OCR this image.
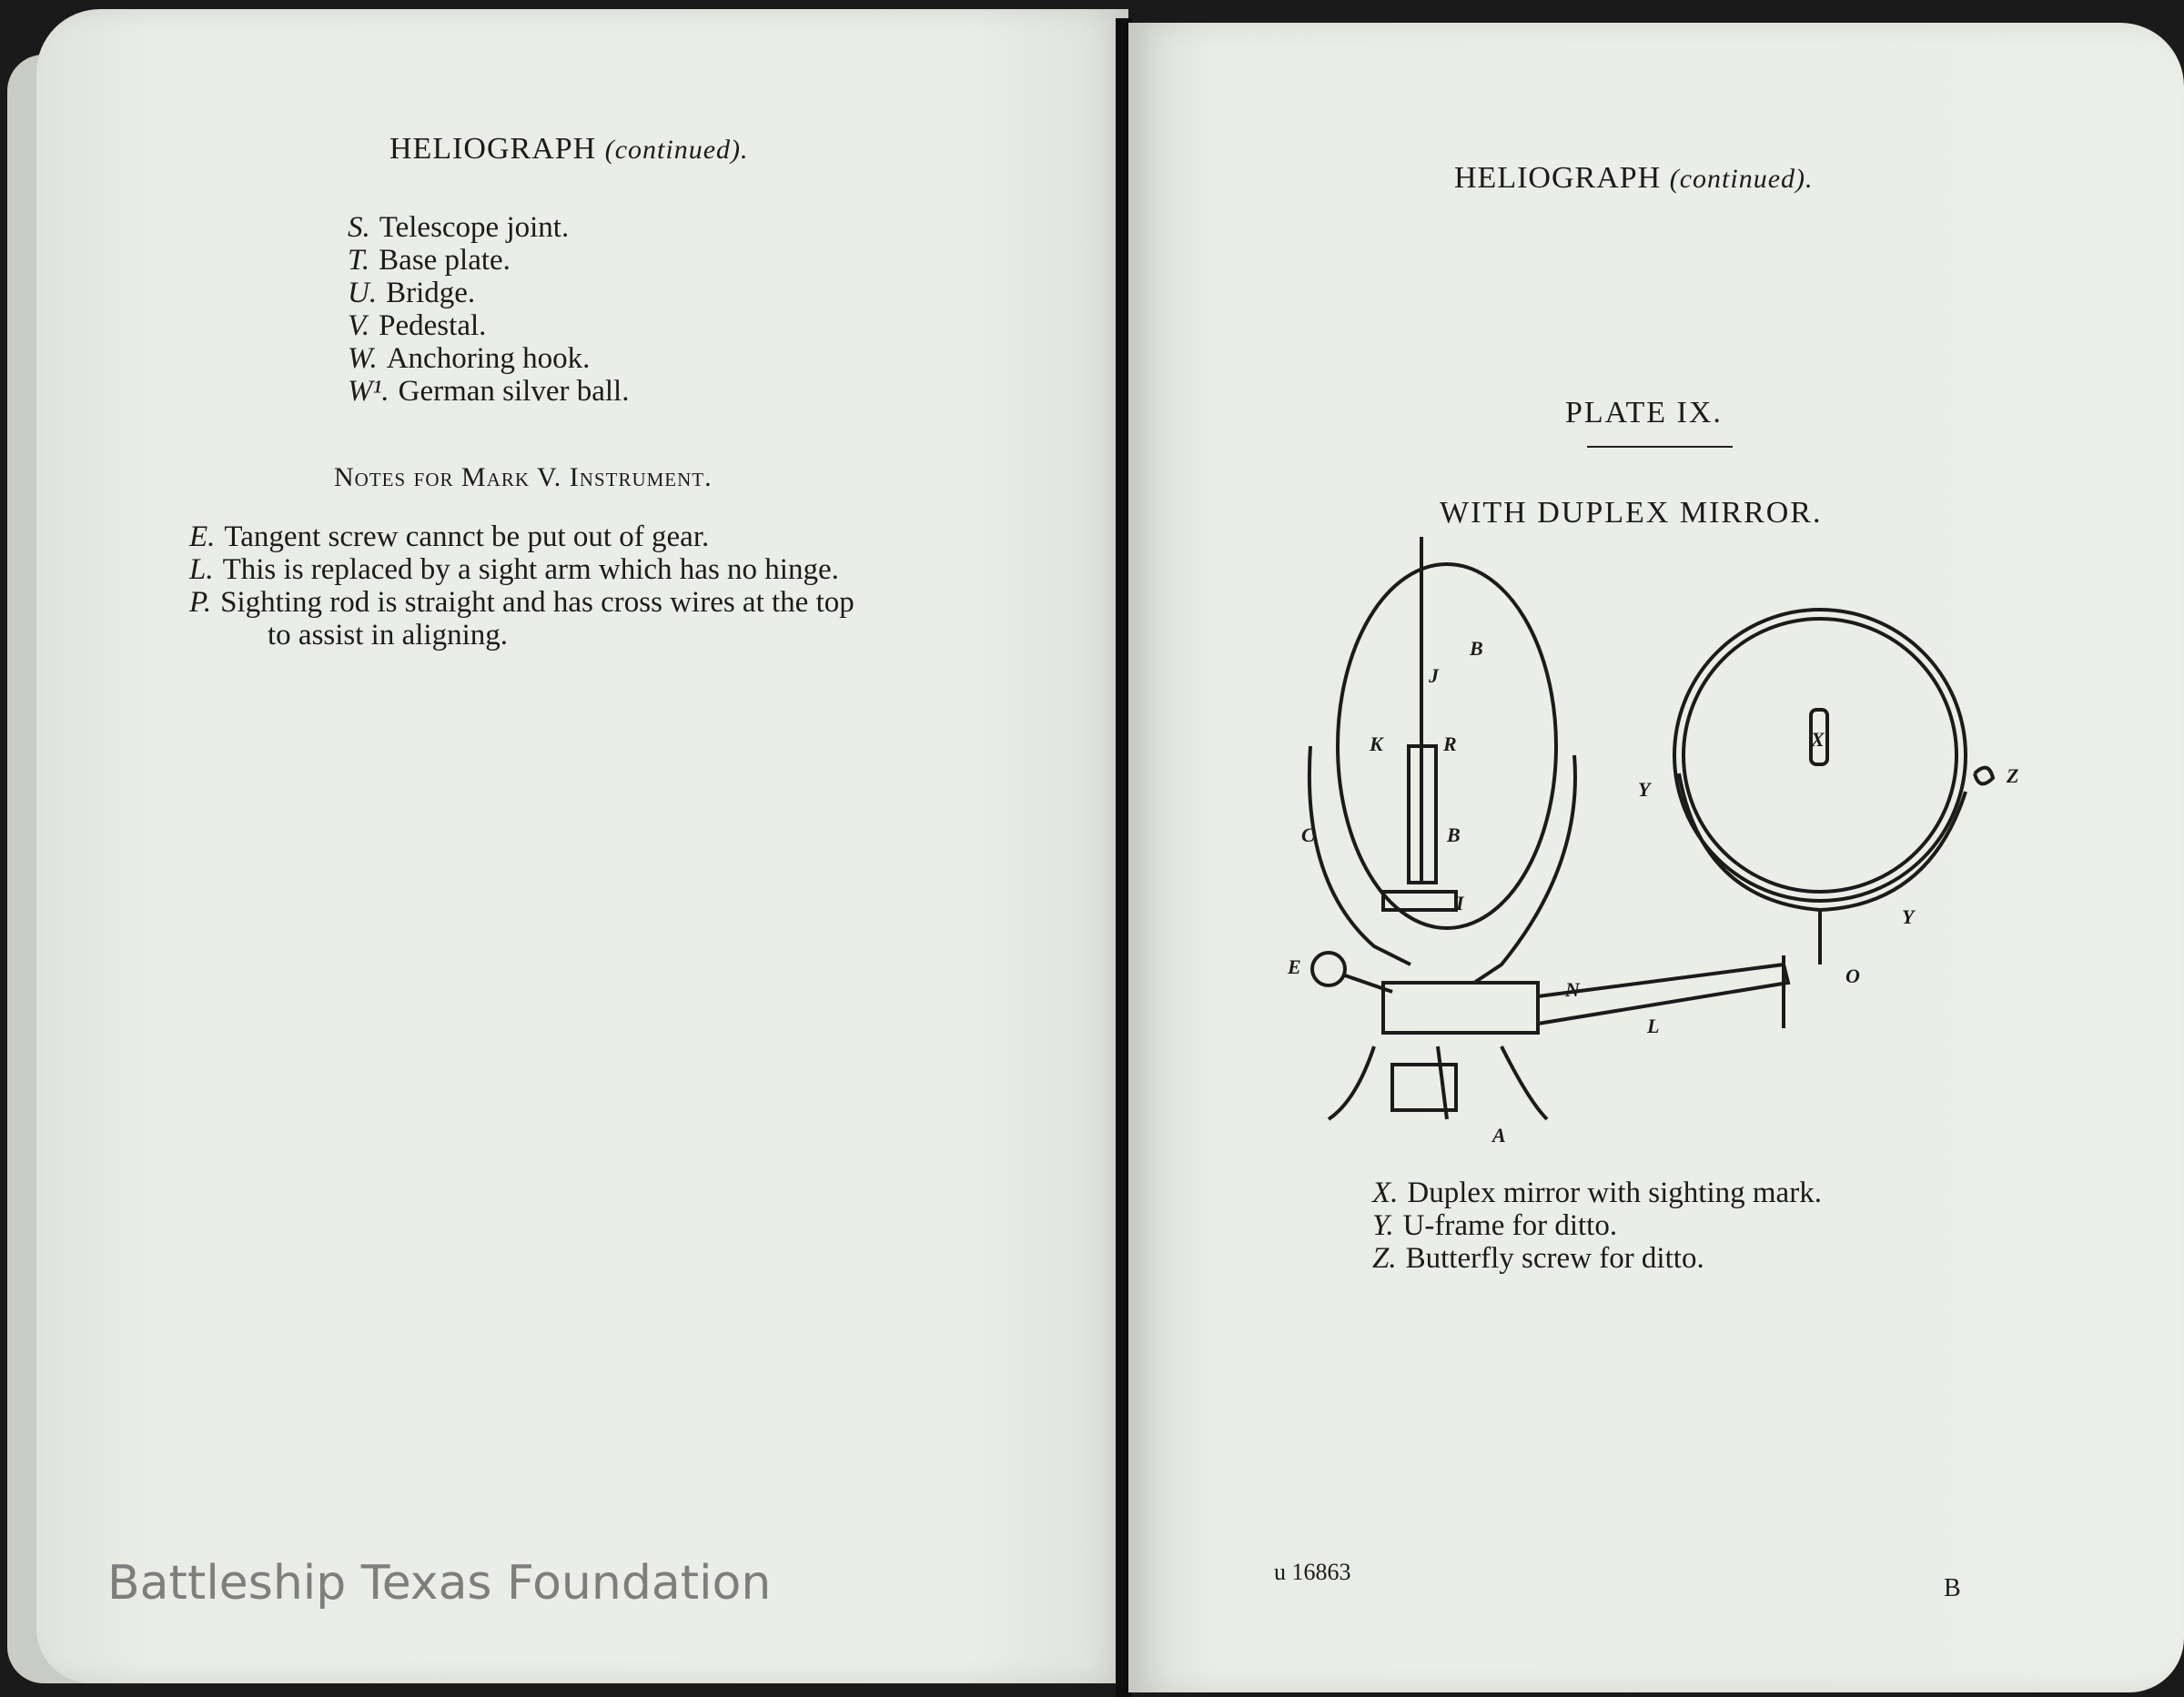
HELIOGRAPH (continued).
S. Telescope joint.
T. Base plate.
U. Bridge.
V. Pedestal.
W. Anchoring hook.
W¹. German silver ball.
Notes for Mark V. Instrument.
E. Tangent screw cannct be put out of gear.
L. This is replaced by a sight arm which has no hinge.
P. Sighting rod is straight and has cross wires at the top
to assist in aligning.
HELIOGRAPH (continued).
PLATE IX.
WITH DUPLEX MIRROR.
X. Duplex mirror with sighting mark.
Y. U-frame for ditto.
Z. Butterfly screw for ditto.
u 16863
B
B
J
K	R
C	B
I
E
N
L
A
X
Y
Z
Y
O
Battleship Texas Foundation
